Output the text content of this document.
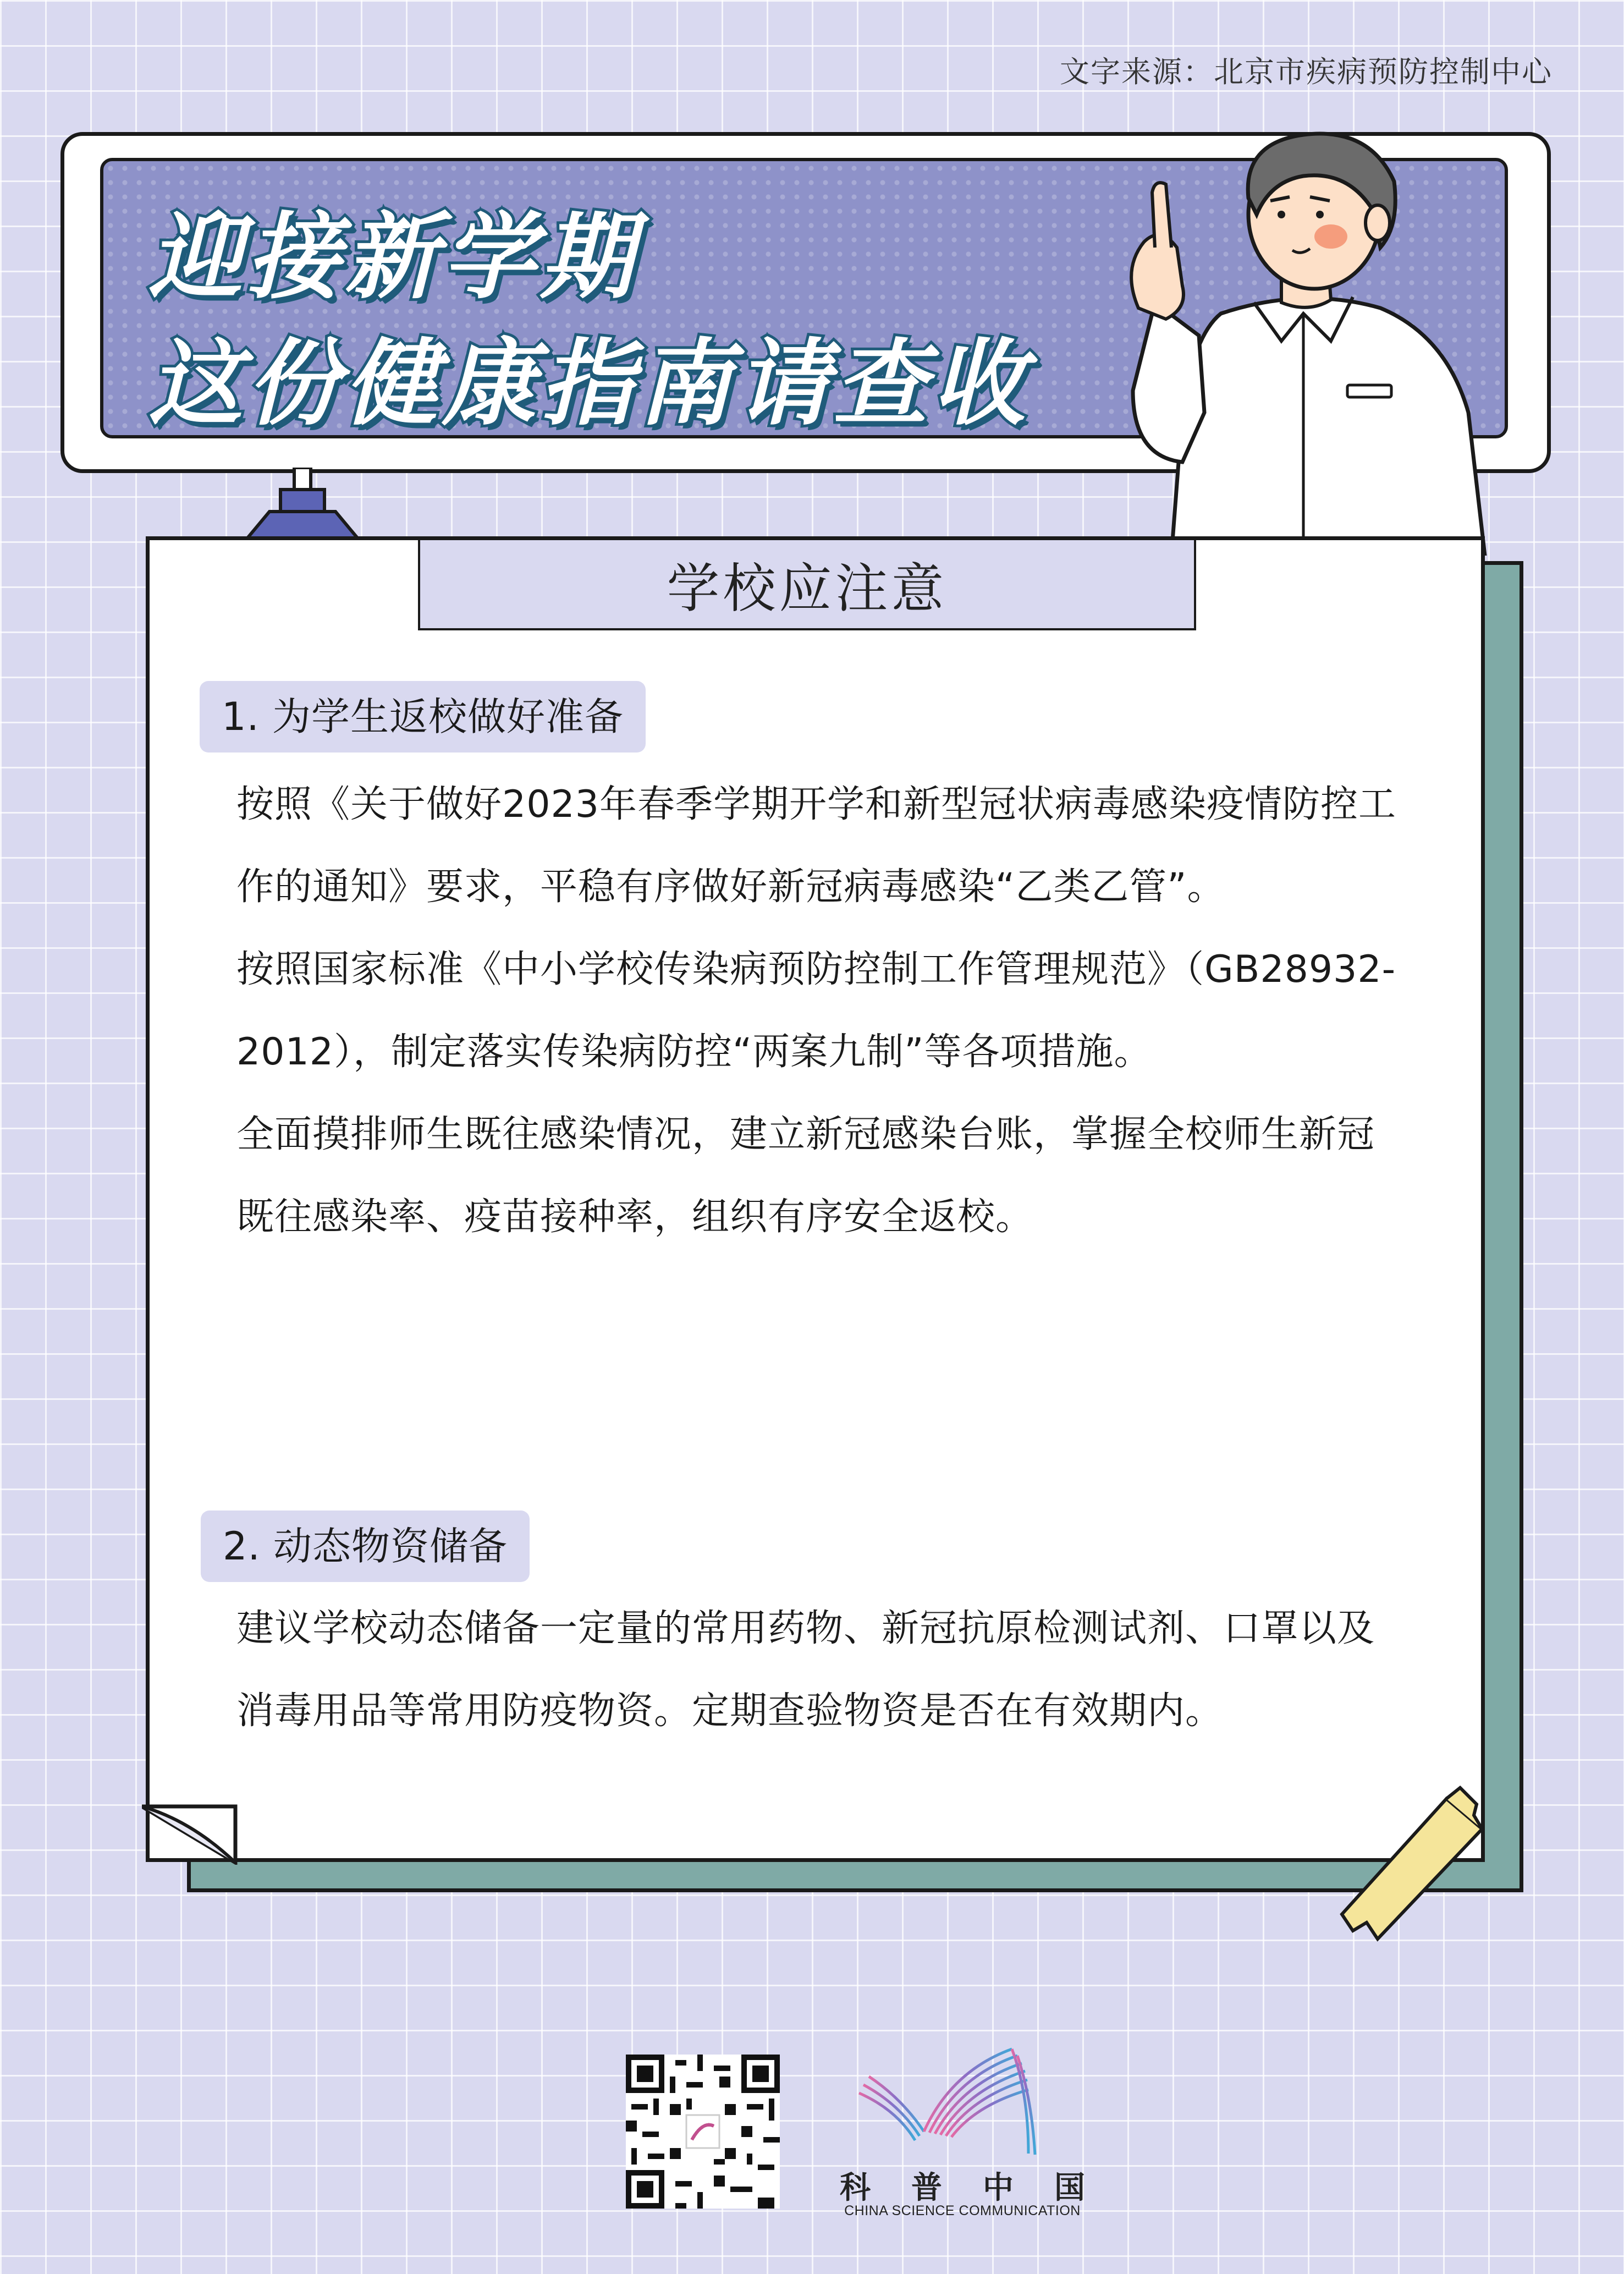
文字来源：北京市疾病预防控制中心
迎接新学期
这份健康指南请查收
学校应注意
1. 为学生返校做好准备

按照《关于做好2023年春季学期开学和新型冠状病毒感染疫情防控工作的通知》要求，平稳有序做好新冠病毒感染“乙类乙管”。

按照国家标准《中小学校传染病预防控制工作管理规范》（GB28932-2012），制定落实传染病防控“两案九制”等各项措施。

全面摸排师生既往感染情况，建立新冠感染台账，掌握全校师生新冠既往感染率、疫苗接种率，组织有序安全返校。

2. 动态物资储备

建议学校动态储备一定量的常用药物、新冠抗原检测试剂、口罩以及消毒用品等常用防疫物资。定期查验物资是否在有效期内。

科 普 中 国
CHINA SCIENCE COMMUNICATION
